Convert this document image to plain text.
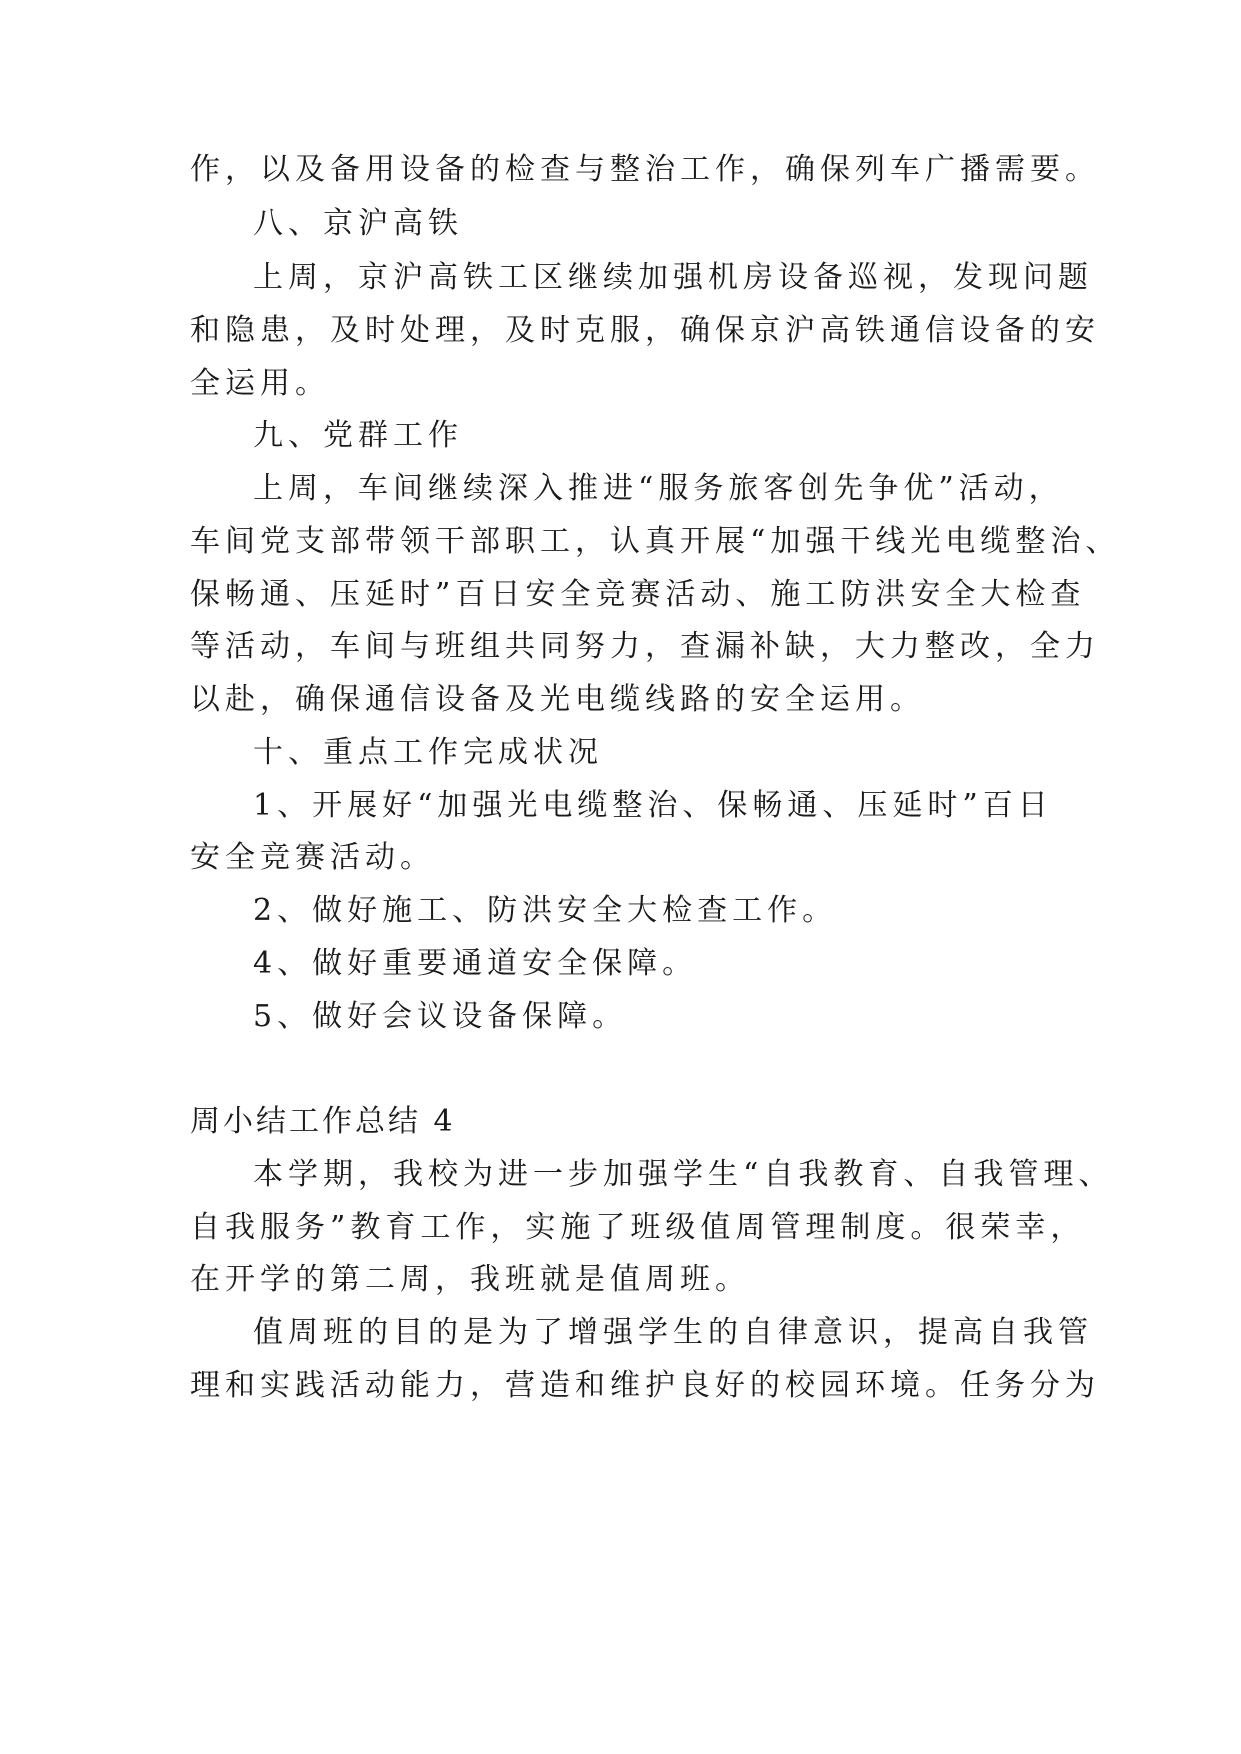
作，以及备用设备的检查与整治工作，确保列车广播需要。
八、京沪高铁
上周，京沪高铁工区继续加强机房设备巡视，发现问题
和隐患，及时处理，及时克服，确保京沪高铁通信设备的安
全运用。
九、党群工作
上周，车间继续深入推进“服务旅客创先争优”活动，
车间党支部带领干部职工，认真开展“加强干线光电缆整治、
保畅通、压延时”百日安全竞赛活动、施工防洪安全大检查
等活动，车间与班组共同努力，查漏补缺，大力整改，全力
以赴，确保通信设备及光电缆线路的安全运用。
十、重点工作完成状况
1、开展好“加强光电缆整治、保畅通、压延时”百日
安全竞赛活动。
2、做好施工、防洪安全大检查工作。
4、做好重要通道安全保障。
5、做好会议设备保障。
周小结工作总结 4
本学期，我校为进一步加强学生“自我教育、自我管理、
自我服务”教育工作，实施了班级值周管理制度。很荣幸，
在开学的第二周，我班就是值周班。
值周班的目的是为了增强学生的自律意识，提高自我管
理和实践活动能力，营造和维护良好的校园环境。任务分为
